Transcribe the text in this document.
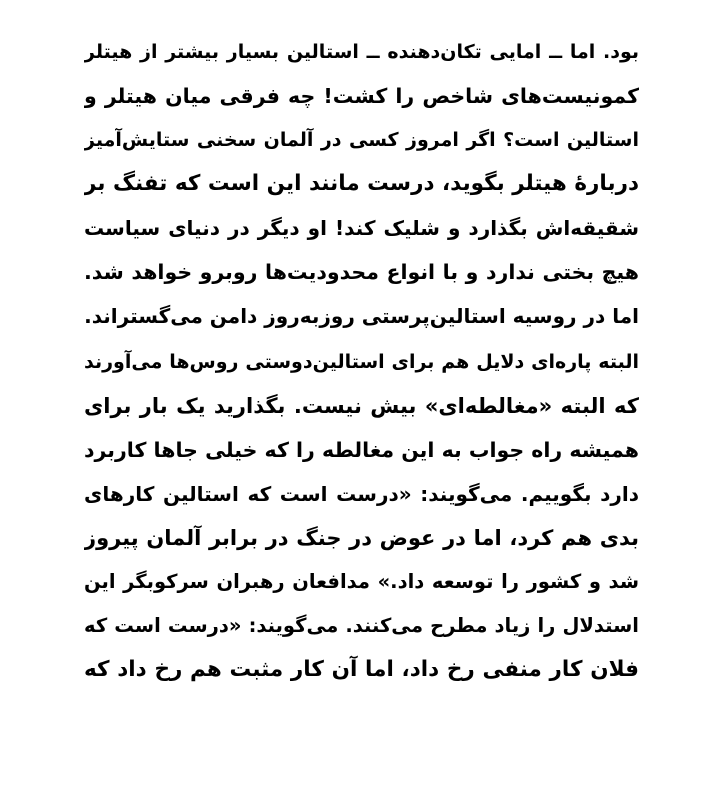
بود. اما ــ امایی تکان‌دهنده ــ استالین بسیار بیشتر از هیتلر
کمونیست‌های شاخص را کشت! چه فرقی میان هیتلر و
استالین است؟ اگر امروز کسی در آلمان سخنی ستایش‌آمیز
دربارهٔ هیتلر بگوید، درست مانند این است که تفنگ بر
شقیقه‌اش بگذارد و شلیک کند! او دیگر در دنیای سیاست
هیچ بختی ندارد و با انواع محدودیت‌ها روبرو خواهد شد.
اما در روسیه استالین‌پرستی روزبه‌روز دامن می‌گستراند.
البته پاره‌ای دلایل هم برای استالین‌دوستی روس‌ها می‌آورند
که البته «مغالطه‌ای» بیش نیست. بگذارید یک بار برای
همیشه راه جواب به این مغالطه را که خیلی جاها کاربرد
دارد بگوییم. می‌گویند: «درست است که استالین کارهای
بدی هم کرد، اما در عوض در جنگ در برابر آلمان پیروز
شد و کشور را توسعه داد.» مدافعان رهبران سرکوبگر این
استدلال را زیاد مطرح می‌کنند. می‌گویند: «درست است که
فلان کار منفی رخ داد، اما آن کار مثبت هم رخ داد که
